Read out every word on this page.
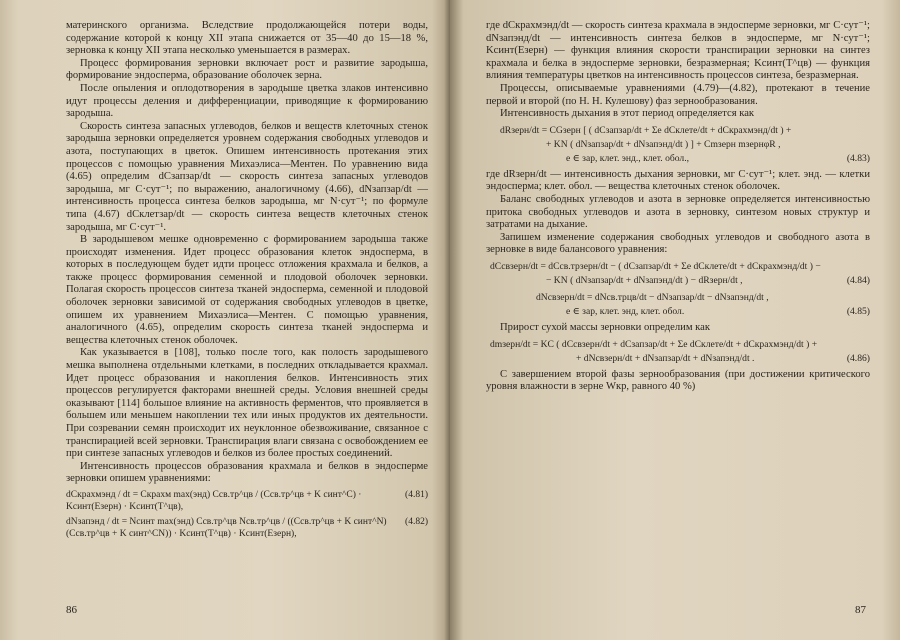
материнского организма. Вследствие продолжающейся потери воды, содержание которой к концу XII этапа снижается от 35—40 до 15—18 %, зерновка к концу XII этапа несколько уменьшается в размерах.

Процесс формирования зерновки включает рост и развитие зародыша, формирование эндосперма, образование оболочек зерна.

После опыления и оплодотворения в зародыше цветка злаков интенсивно идут процессы деления и дифференциации, приводящие к формированию зародыша.

Скорость синтеза запасных углеводов, белков и веществ клеточных стенок зародыша зерновки определяется уровнем содержания свободных углеводов и азота, поступающих в цветок. Опишем интенсивность протекания этих процессов с помощью уравнения Михаэлиса—Ментен. По уравнению вида (4.65) определим dCзапзар/dt — скорость синтеза запасных углеводов зародыша, мг C·сут⁻¹; по выражению, аналогичному (4.66), dNзапзар/dt — интенсивность процесса синтеза белков зародыша, мг N·сут⁻¹; по формуле типа (4.67) dCклетзар/dt — скорость синтеза веществ клеточных стенок зародыша, мг C·сут⁻¹.

В зародышевом мешке одновременно с формированием зародыша также происходят изменения. Идет процесс образования клеток эндосперма, в которых в последующем будет идти процесс отложения крахмала и белков, а также процесс формирования семенной и плодовой оболочек зерновки. Полагая скорость процессов синтеза тканей эндосперма, семенной и плодовой оболочек зерновки зависимой от содержания свободных углеводов в цветке, опишем их уравнением Михаэлиса—Ментен. С помощью уравнения, аналогичного (4.65), определим скорость синтеза тканей эндосперма и вещества клеточных стенок оболочек.

Как указывается в [108], только после того, как полость зародышевого мешка выполнена отдельными клетками, в последних откладывается крахмал. Идет процесс образования и накопления белков. Интенсивность этих процессов регулируется факторами внешней среды. Условия внешней среды оказывают [114] большое влияние на активность ферментов, что проявляется в большем или меньшем накоплении тех или иных продуктов их деятельности. При созревании семян происходит их неуклонное обезвоживание, связанное с транспирацией всей зерновки. Транспирация влаги связана с освобождением ее при синтезе запасных углеводов и белков из более простых соединений.

Интенсивность процессов образования крахмала и белков в эндосперме зерновки опишем уравнениями:

dCкрахмэнд / dt = Cкрахм max(энд) Cсв.тр^цв / (Cсв.тр^цв + K синт^C) · Kсинт(Eзерн) · Kсинт(T^цв),
(4.81)
dNзапэнд / dt = Nсинт max(энд) Cсв.тр^цв Nсв.тр^цв / ((Cсв.тр^цв + K синт^N)(Cсв.тр^цв + K синт^CN)) · Kсинт(T^цв) · Kсинт(Eзерн),
(4.82)
86

где dCкрахмэнд/dt — скорость синтеза крахмала в эндосперме зерновки, мг C·сут⁻¹; dNзапэнд/dt — интенсивность синтеза белков в эндосперме, мг N·сут⁻¹; Kсинт(Eзерн) — функция влияния скорости транспирации зерновки на синтез крахмала и белка в эндосперме зерновки, безразмерная; Kсинт(T^цв) — функция влияния температуры цветков на интенсивность процессов синтеза, безразмерная.

Процессы, описываемые уравнениями (4.79)—(4.82), протекают в течение первой и второй (по Н. Н. Кулешову) фаз зернообразования.

Интенсивность дыхания в этот период определяется как

dRзерн/dt = CGзерн [ ( dCзапзар/dt + Σe dCклетe/dt + dCкрахмэнд/dt ) +
+ KN ( dNзапзар/dt + dNзапэнд/dt ) ] + Cmзерн mзернφR ,
e ∈ зар, клет. энд., клет. обол.,	(4.83)

где dRзерн/dt — интенсивность дыхания зерновки, мг C·сут⁻¹; клет. энд. — клетки эндосперма; клет. обол. — вещества клеточных стенок оболочек.

Баланс свободных углеводов и азота в зерновке определяется интенсивностью притока свободных углеводов и азота в зерновку, синтезом новых структур и затратами на дыхание.

Запишем изменение содержания свободных углеводов и свободного азота в зерновке в виде балансового уравнения:

dCсвзерн/dt = dCсв.трзерн/dt − ( dCзапзар/dt + Σe dCклетe/dt + dCкрахмэнд/dt ) −
− KN ( dNзапзар/dt + dNзапэнд/dt ) − dRзерн/dt ,	(4.84)
dNсвзерн/dt = dNсв.трцв/dt − dNзапзар/dt − dNзапэнд/dt ,
e ∈ зар, клет. энд, клет. обол.	(4.85)

Прирост сухой массы зерновки определим как

dmзерн/dt = KC ( dCсвзерн/dt + dCзапзар/dt + Σe dCклетe/dt + dCкрахмэнд/dt ) +
+ dNсвзерн/dt + dNзапзар/dt + dNзапэнд/dt .	(4.86)

С завершением второй фазы зернообразования (при достижении критического уровня влажности в зерне Wкр, равного 40 %)

87
